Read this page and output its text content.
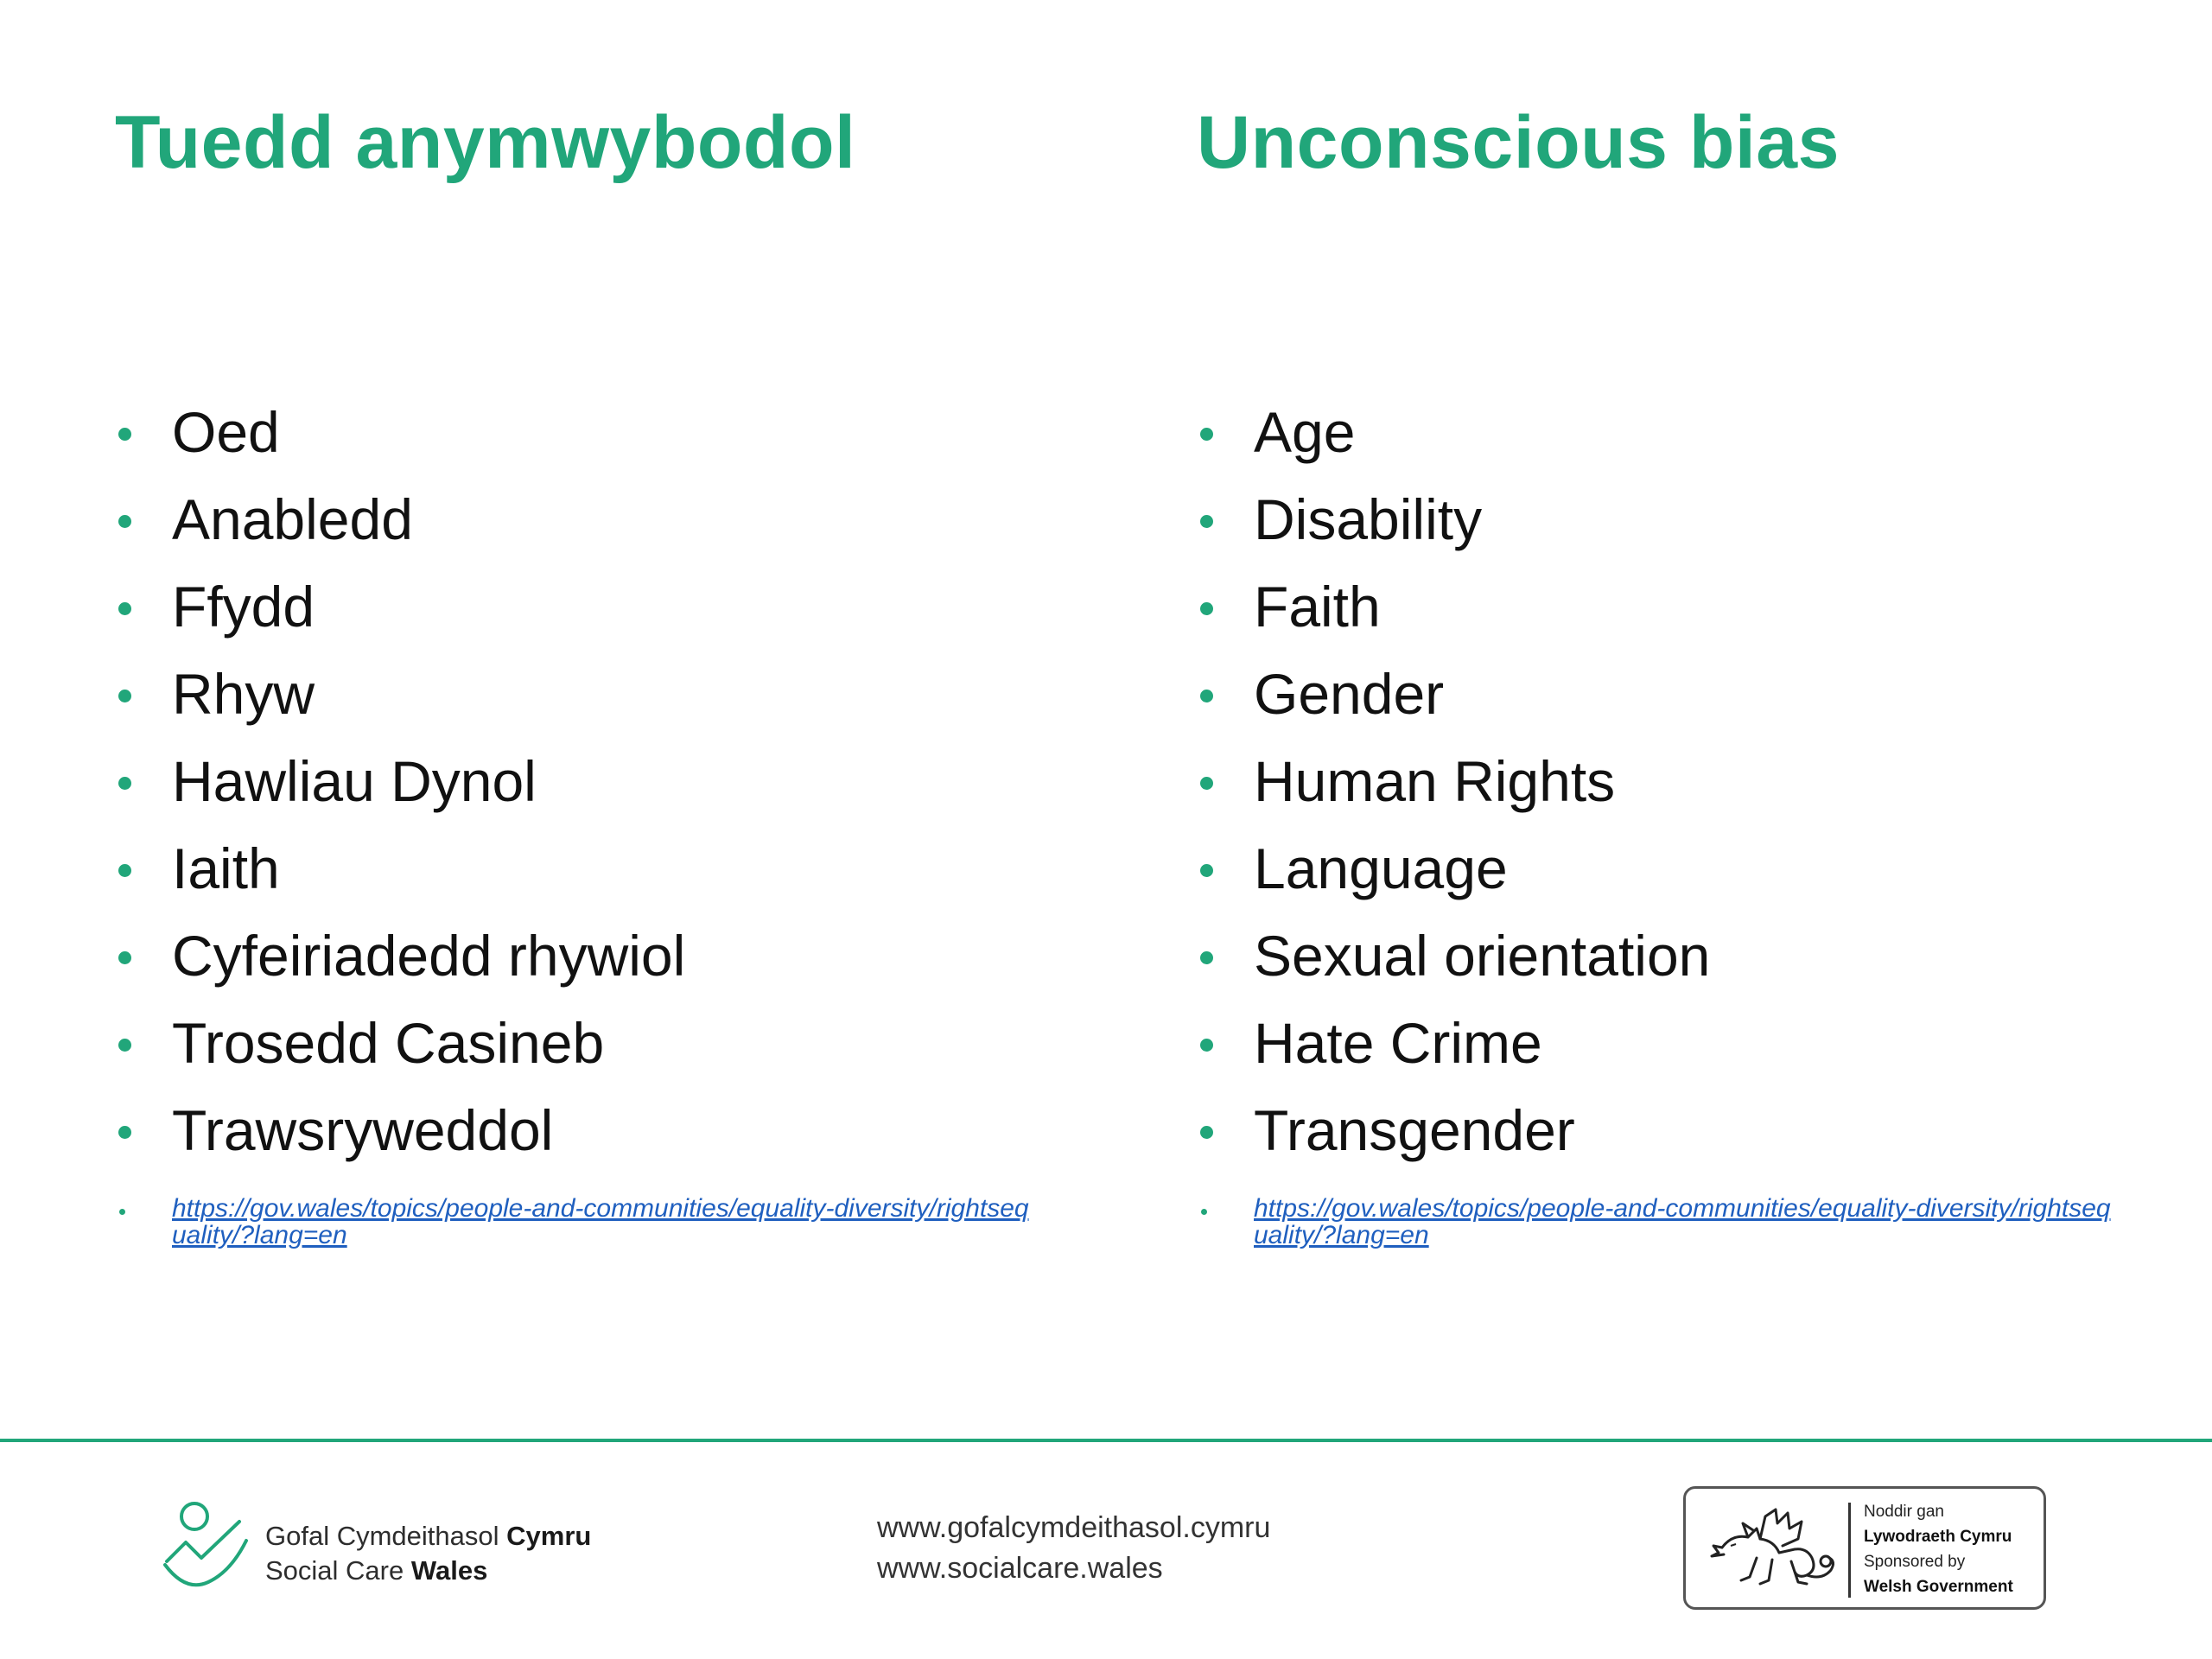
Tuedd anymwybodol
Oed
Anabledd
Ffydd
Rhyw
Hawliau Dynol
Iaith
Cyfeiriadedd rhywiol
Trosedd Casineb
Trawsryweddol
https://gov.wales/topics/people-and-communities/equality-diversity/rightsequality/?lang=en
Unconscious bias
Age
Disability
Faith
Gender
Human Rights
Language
Sexual orientation
Hate Crime
Transgender
https://gov.wales/topics/people-and-communities/equality-diversity/rightsequality/?lang=en
Gofal Cymdeithasol Cymru
Social Care Wales
www.gofalcymdeithasol.cymru
www.socialcare.wales
Noddir gan
Lywodraeth Cymru
Sponsored by
Welsh Government
